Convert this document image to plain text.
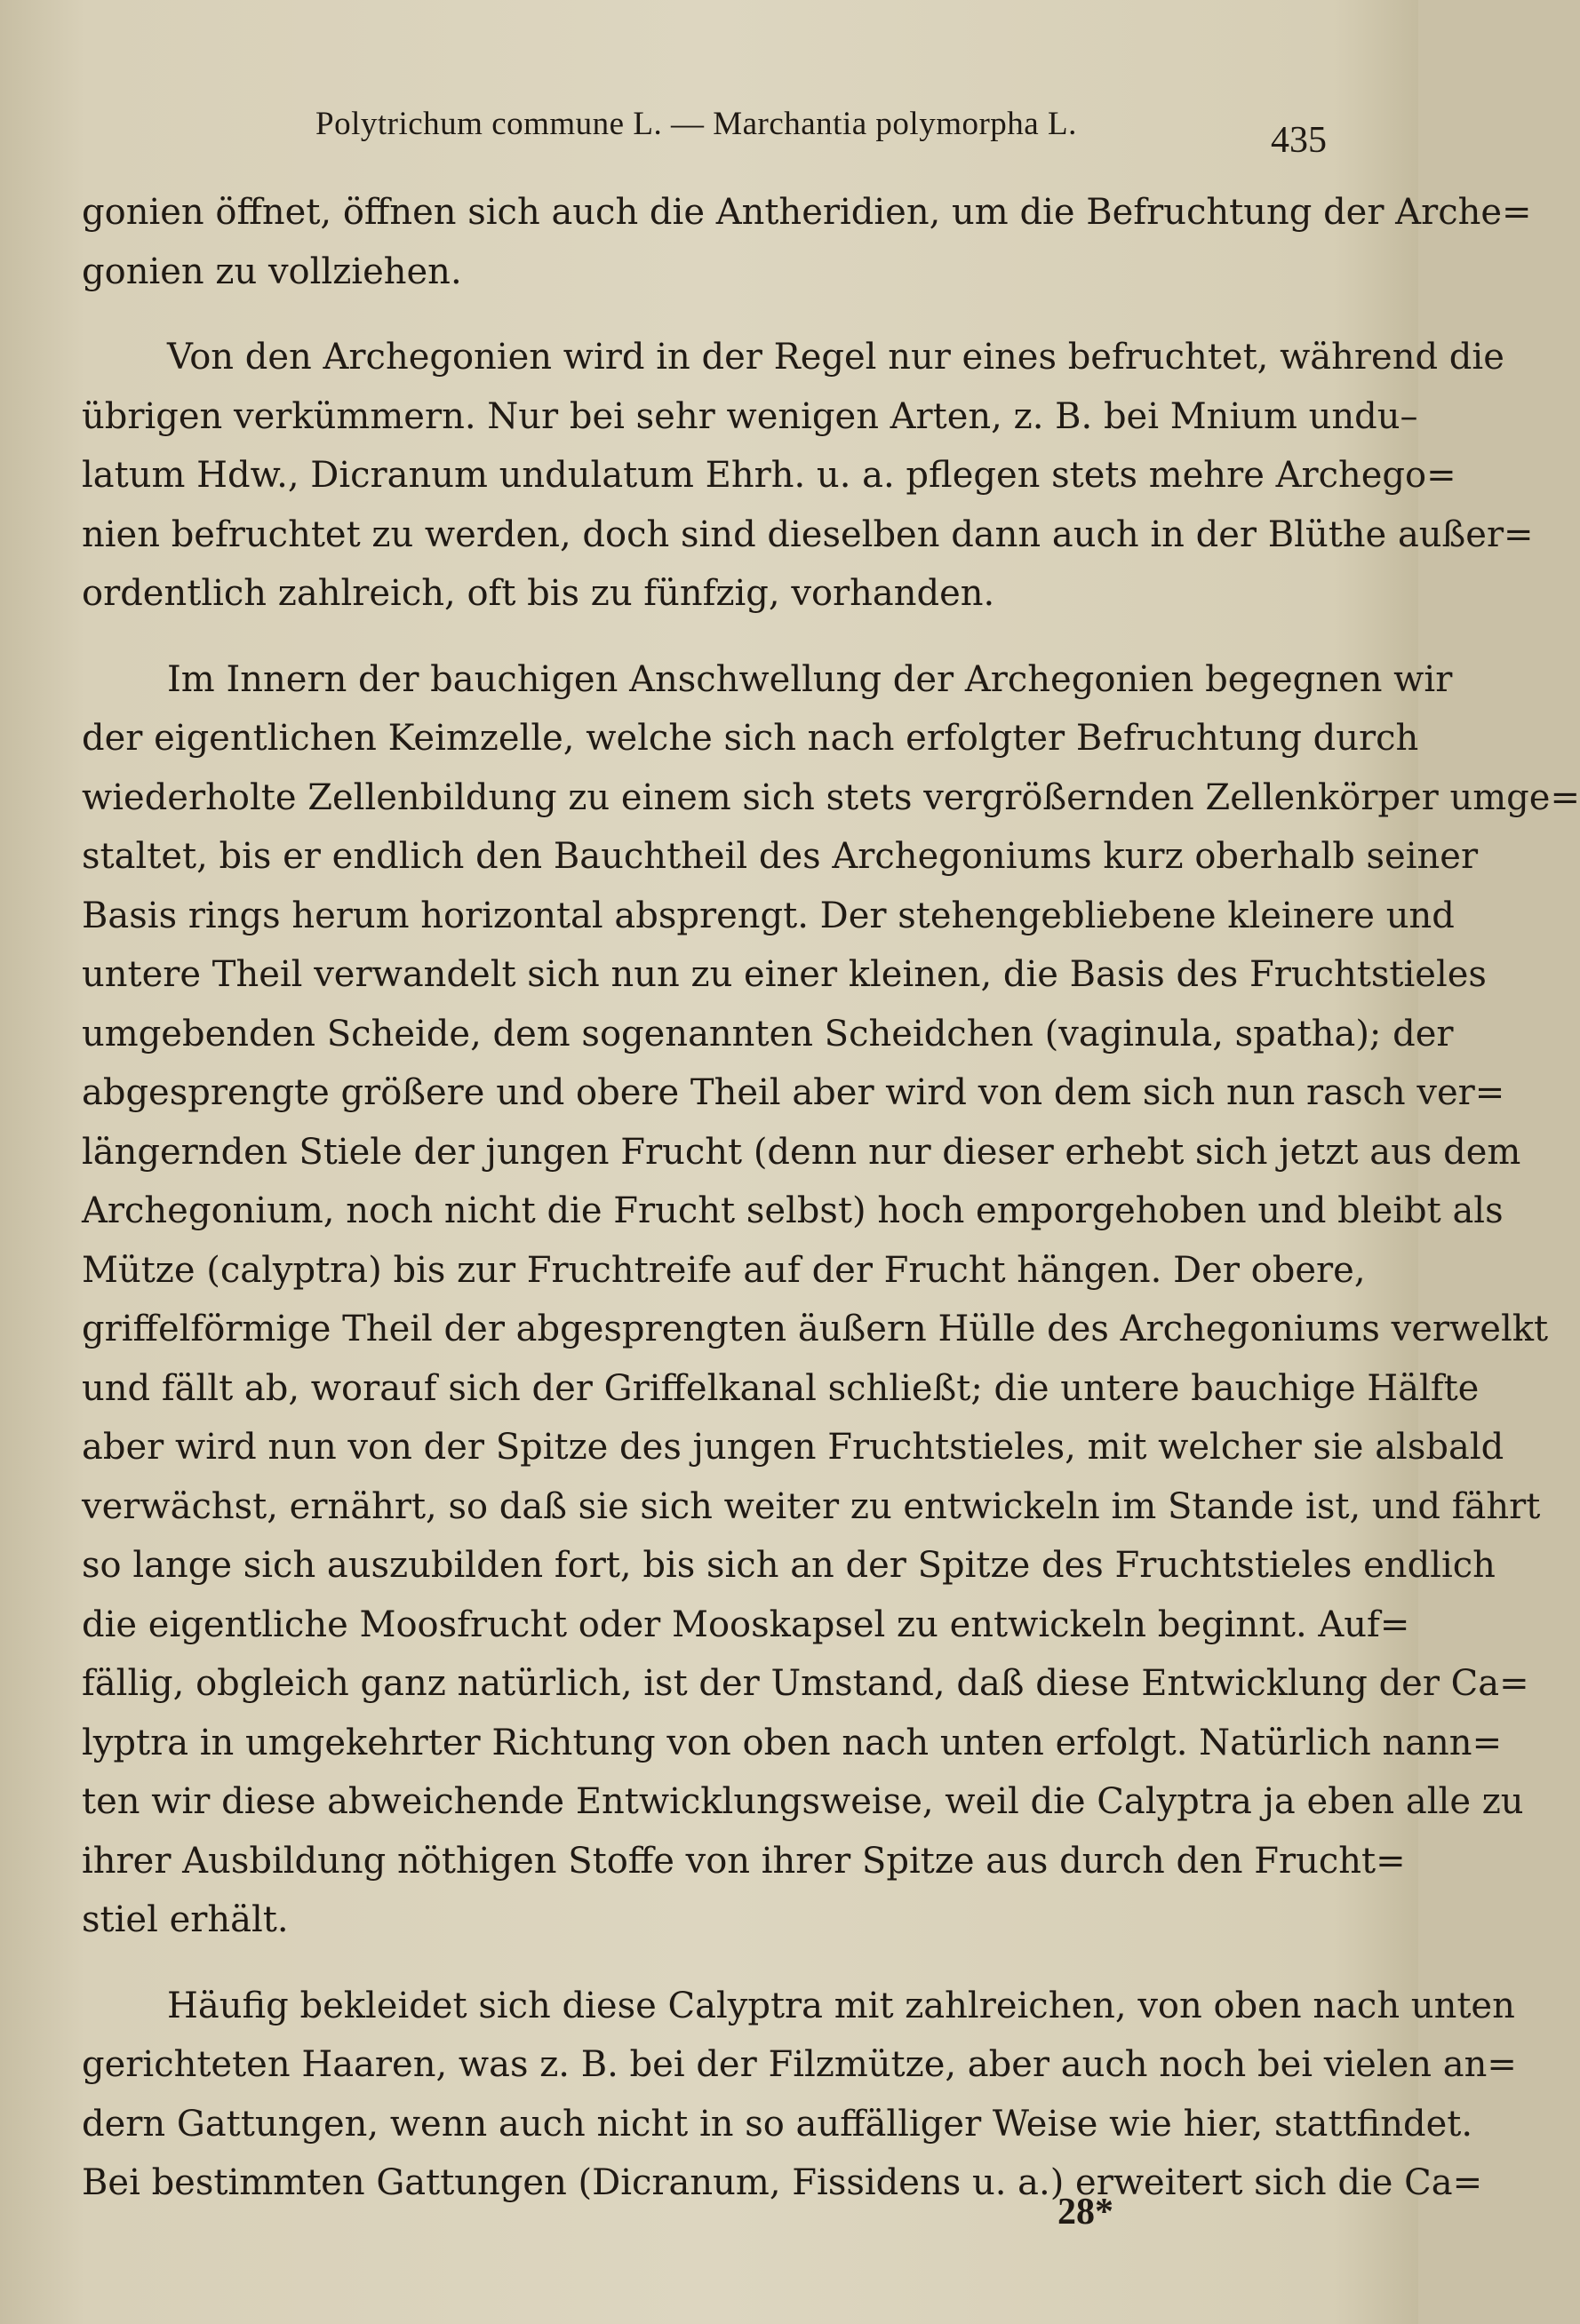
Polytrichum commune L. — Marchantia polymorpha L.	435
gonien öffnet, öffnen sich auch die Antheridien, um die Befruchtung der Arche=
gonien zu vollziehen.
Von den Archegonien wird in der Regel nur eines befruchtet, während die
übrigen verkümmern. Nur bei sehr wenigen Arten, z. B. bei Mnium undu–
latum Hdw., Dicranum undulatum Ehrh. u. a. pflegen stets mehre Archego=
nien befruchtet zu werden, doch sind dieselben dann auch in der Blüthe außer=
ordentlich zahlreich, oft bis zu fünfzig, vorhanden.
Im Innern der bauchigen Anschwellung der Archegonien begegnen wir
der eigentlichen Keimzelle, welche sich nach erfolgter Befruchtung durch
wiederholte Zellenbildung zu einem sich stets vergrößernden Zellenkörper umge=
staltet, bis er endlich den Bauchtheil des Archegoniums kurz oberhalb seiner
Basis rings herum horizontal absprengt. Der stehengebliebene kleinere und
untere Theil verwandelt sich nun zu einer kleinen, die Basis des Fruchtstieles
umgebenden Scheide, dem sogenannten Scheidchen (vaginula, spatha); der
abgesprengte größere und obere Theil aber wird von dem sich nun rasch ver=
längernden Stiele der jungen Frucht (denn nur dieser erhebt sich jetzt aus dem
Archegonium, noch nicht die Frucht selbst) hoch emporgehoben und bleibt als
Mütze (calyptra) bis zur Fruchtreife auf der Frucht hängen. Der obere,
griffelförmige Theil der abgesprengten äußern Hülle des Archegoniums verwelkt
und fällt ab, worauf sich der Griffelkanal schließt; die untere bauchige Hälfte
aber wird nun von der Spitze des jungen Fruchtstieles, mit welcher sie alsbald
verwächst, ernährt, so daß sie sich weiter zu entwickeln im Stande ist, und fährt
so lange sich auszubilden fort, bis sich an der Spitze des Fruchtstieles endlich
die eigentliche Moosfrucht oder Mooskapsel zu entwickeln beginnt. Auf=
fällig, obgleich ganz natürlich, ist der Umstand, daß diese Entwicklung der Ca=
lyptra in umgekehrter Richtung von oben nach unten erfolgt. Natürlich nann=
ten wir diese abweichende Entwicklungsweise, weil die Calyptra ja eben alle zu
ihrer Ausbildung nöthigen Stoffe von ihrer Spitze aus durch den Frucht=
stiel erhält.
Häufig bekleidet sich diese Calyptra mit zahlreichen, von oben nach unten
gerichteten Haaren, was z. B. bei der Filzmütze, aber auch noch bei vielen an=
dern Gattungen, wenn auch nicht in so auffälliger Weise wie hier, stattfindet.
Bei bestimmten Gattungen (Dicranum, Fissidens u. a.) erweitert sich die Ca=
28*
